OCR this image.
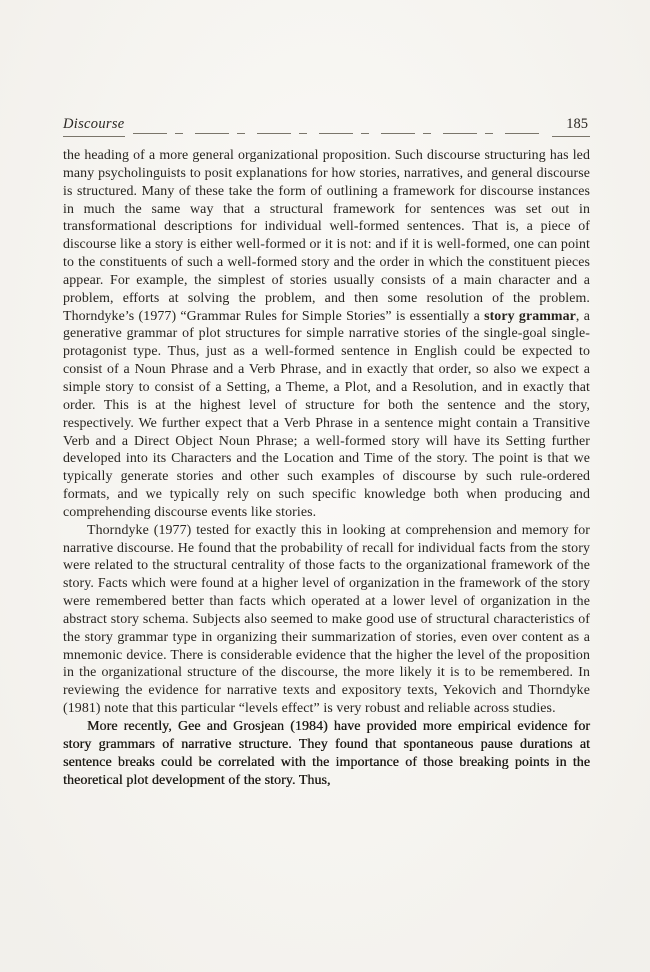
Discourse	185

the heading of a more general organizational proposition. Such discourse structuring has led many psycholinguists to posit explanations for how stories, narratives, and general discourse is structured. Many of these take the form of outlining a framework for discourse instances in much the same way that a structural framework for sentences was set out in transformational descriptions for individual well-formed sentences. That is, a piece of discourse like a story is either well-formed or it is not: and if it is well-formed, one can point to the constituents of such a well-formed story and the order in which the constituent pieces appear. For example, the simplest of stories usually consists of a main character and a problem, efforts at solving the problem, and then some resolution of the problem. Thorndyke’s (1977) “Grammar Rules for Simple Stories” is essentially a story grammar, a generative grammar of plot structures for simple narrative stories of the single-goal single-protagonist type. Thus, just as a well-formed sentence in English could be expected to consist of a Noun Phrase and a Verb Phrase, and in exactly that order, so also we expect a simple story to consist of a Setting, a Theme, a Plot, and a Resolution, and in exactly that order. This is at the highest level of structure for both the sentence and the story, respectively. We further expect that a Verb Phrase in a sentence might contain a Transitive Verb and a Direct Object Noun Phrase; a well-formed story will have its Setting further developed into its Characters and the Location and Time of the story. The point is that we typically generate stories and other such examples of discourse by such rule-ordered formats, and we typically rely on such specific knowledge both when producing and comprehending discourse events like stories.

Thorndyke (1977) tested for exactly this in looking at comprehension and memory for narrative discourse. He found that the probability of recall for individual facts from the story were related to the structural centrality of those facts to the organizational framework of the story. Facts which were found at a higher level of organization in the framework of the story were remembered better than facts which operated at a lower level of organization in the abstract story schema. Subjects also seemed to make good use of structural characteristics of the story grammar type in organizing their summarization of stories, even over content as a mnemonic device. There is considerable evidence that the higher the level of the proposition in the organizational structure of the discourse, the more likely it is to be remembered. In reviewing the evidence for narrative texts and expository texts, Yekovich and Thorndyke (1981) note that this particular “levels effect” is very robust and reliable across studies.

More recently, Gee and Grosjean (1984) have provided more empirical evidence for story grammars of narrative structure. They found that spontaneous pause durations at sentence breaks could be correlated with the importance of those breaking points in the theoretical plot development of the story. Thus,
